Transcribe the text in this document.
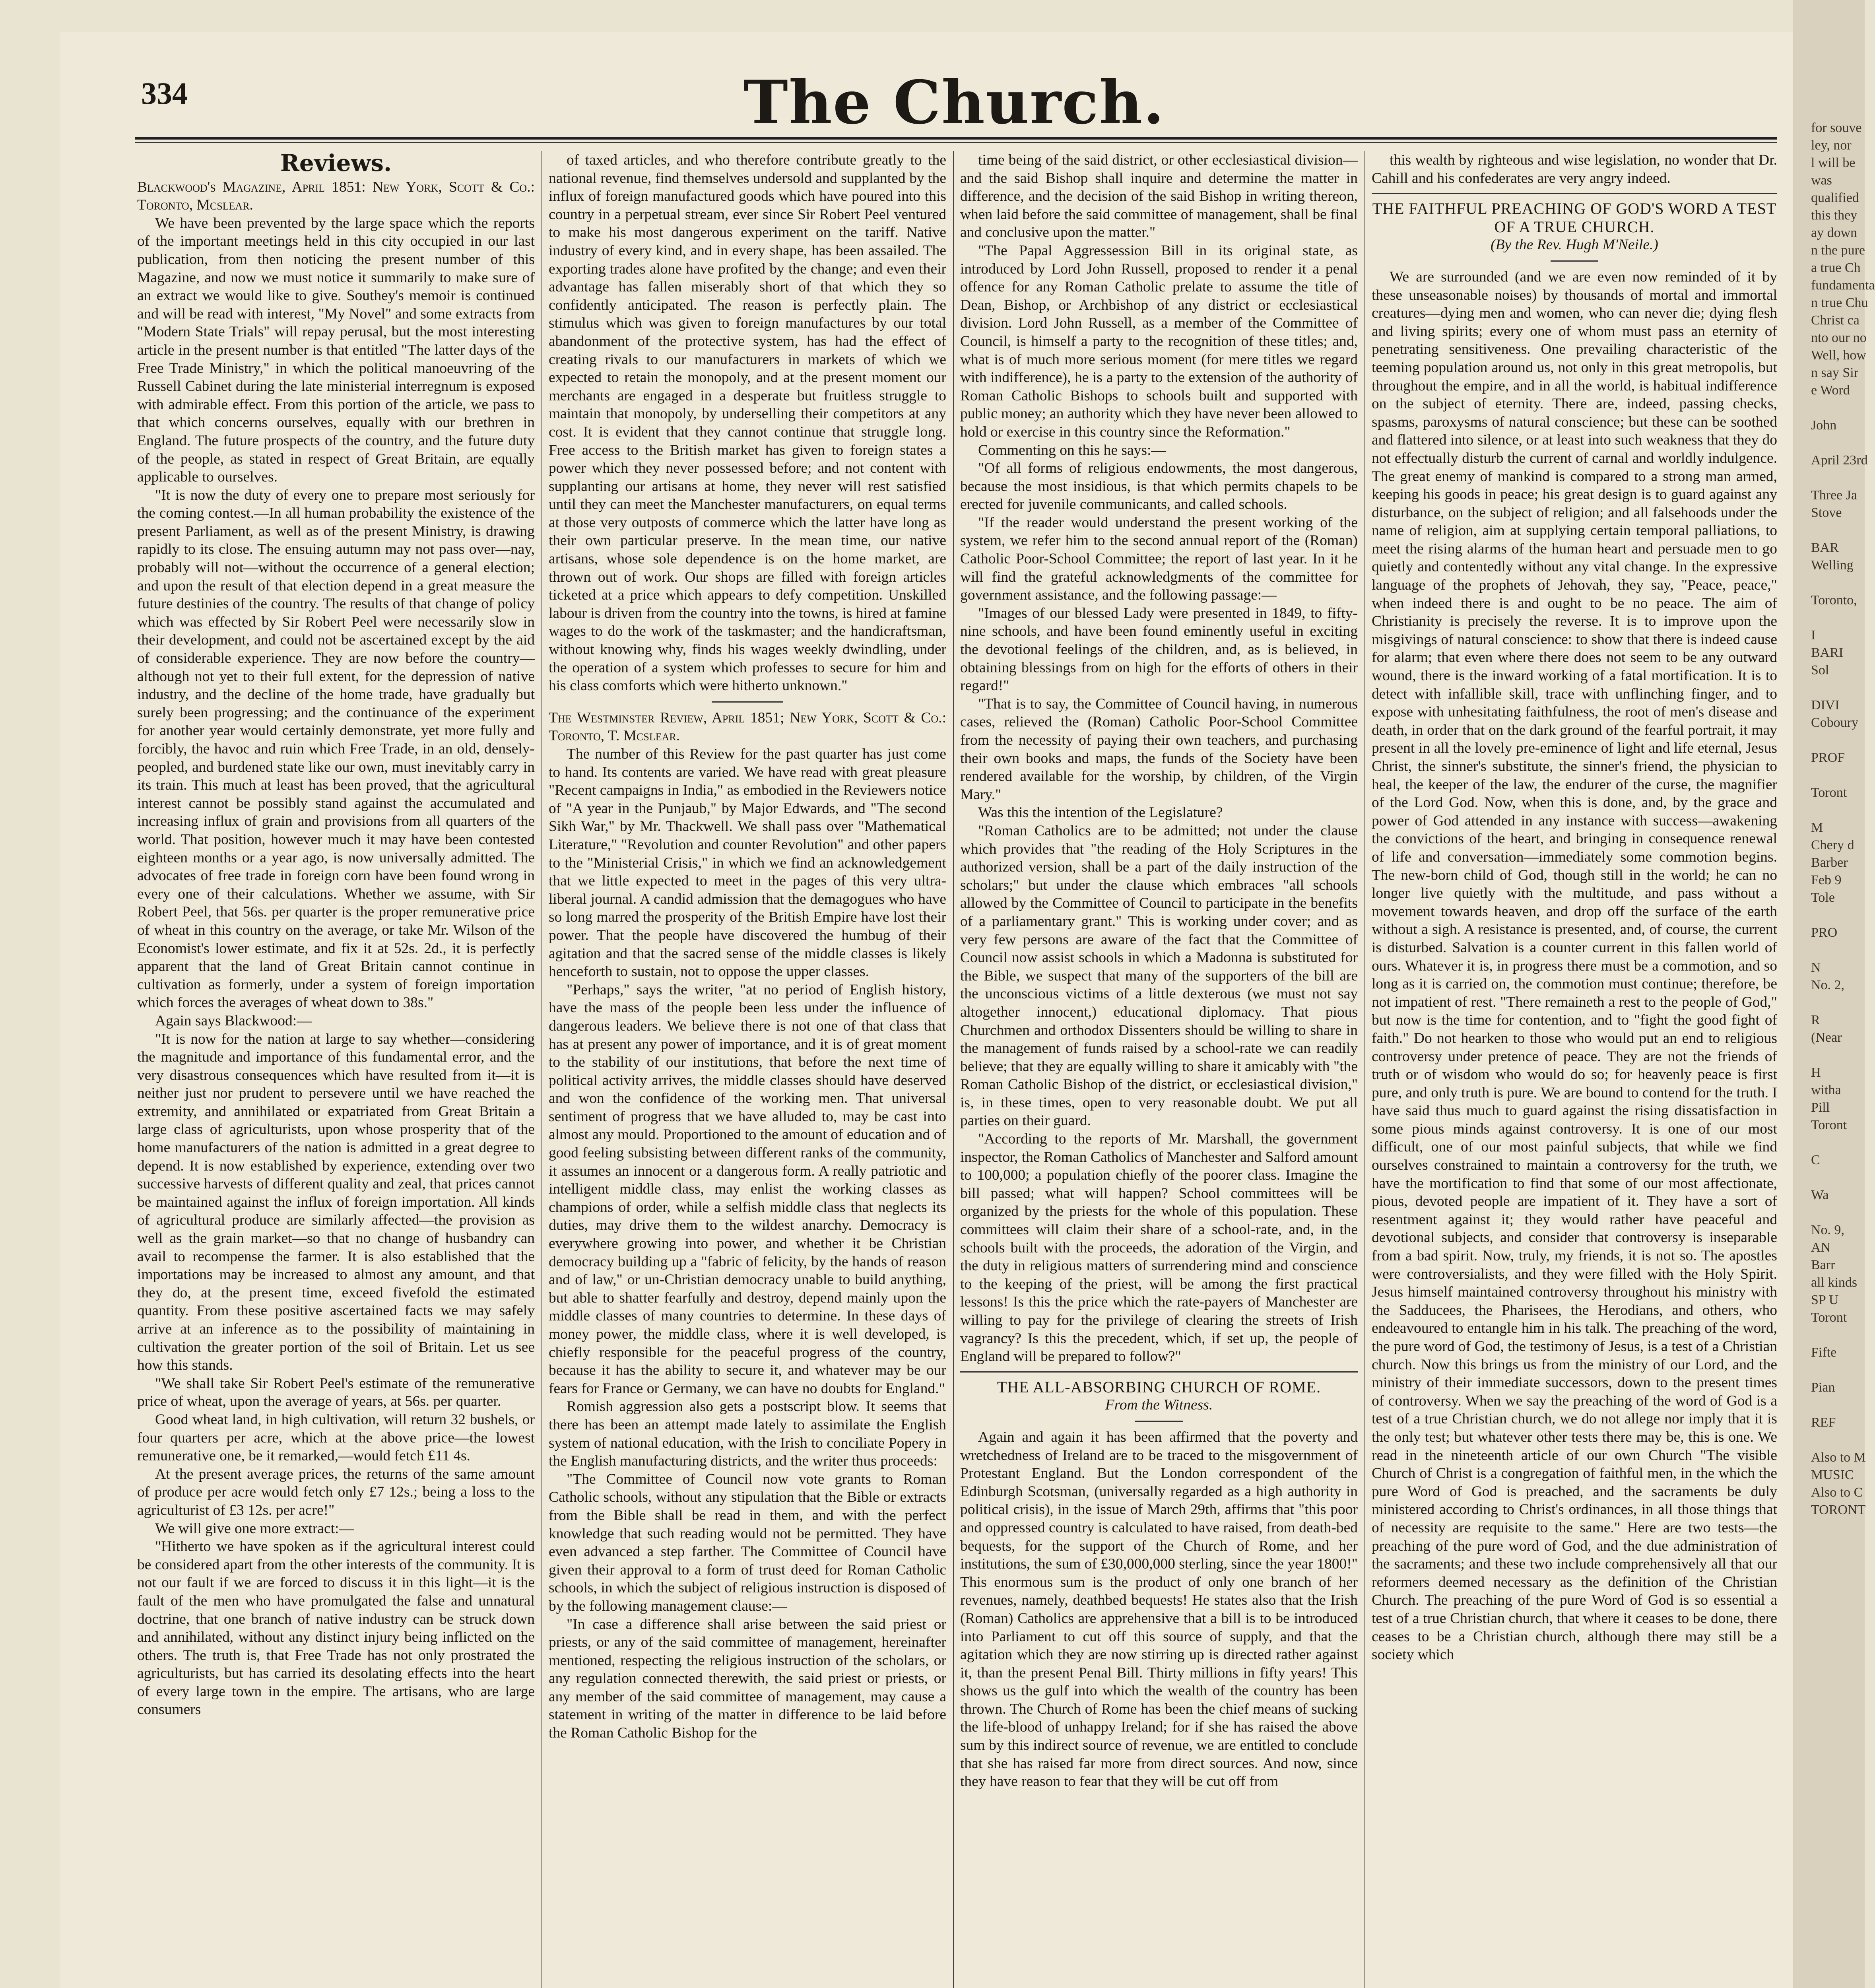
for souve
ley, nor
l will be
was
qualified
this they
ay down
n the pure
a true Ch
fundamenta
n true Chu
Christ ca
nto our no
Well, how
n say Sir
e Word

John

April 23rd

Three Ja
Stove

BAR
Welling

Toronto,

I
BARI
Sol

DIVI
Coboury

PROF

Toront

M
Chery d
Barber
Feb 9
Tole

PRO

N
No. 2,

R
(Near

H
witha
Pill
Toront

C

Wa

No. 9,
AN
Barr
all kinds
SP U
Toront

Fifte

Pian

REF

Also to M
MUSIC
Also to C
TORONT
334	The Church.
Reviews.

Blackwood's Magazine, April 1851: New York, Scott & Co.: Toronto, Mcslear.

We have been prevented by the large space which the reports of the important meetings held in this city occupied in our last publication, from then noticing the present number of this Magazine, and now we must notice it summarily to make sure of an extract we would like to give. Southey's memoir is continued and will be read with interest, "My Novel" and some extracts from "Modern State Trials" will repay perusal, but the most interesting article in the present number is that entitled "The latter days of the Free Trade Ministry," in which the political manoeuvring of the Russell Cabinet during the late ministerial interregnum is exposed with admirable effect. From this portion of the article, we pass to that which concerns ourselves, equally with our brethren in England. The future prospects of the country, and the future duty of the people, as stated in respect of Great Britain, are equally applicable to ourselves.

"It is now the duty of every one to prepare most seriously for the coming contest.—In all human probability the existence of the present Parliament, as well as of the present Ministry, is drawing rapidly to its close. The ensuing autumn may not pass over—nay, probably will not—without the occurrence of a general election; and upon the result of that election depend in a great measure the future destinies of the country. The results of that change of policy which was effected by Sir Robert Peel were necessarily slow in their development, and could not be ascertained except by the aid of considerable experience. They are now before the country—although not yet to their full extent, for the depression of native industry, and the decline of the home trade, have gradually but surely been progressing; and the continuance of the experiment for another year would certainly demonstrate, yet more fully and forcibly, the havoc and ruin which Free Trade, in an old, densely-peopled, and burdened state like our own, must inevitably carry in its train. This much at least has been proved, that the agricultural interest cannot be possibly stand against the accumulated and increasing influx of grain and provisions from all quarters of the world. That position, however much it may have been contested eighteen months or a year ago, is now universally admitted. The advocates of free trade in foreign corn have been found wrong in every one of their calculations. Whether we assume, with Sir Robert Peel, that 56s. per quarter is the proper remunerative price of wheat in this country on the average, or take Mr. Wilson of the Economist's lower estimate, and fix it at 52s. 2d., it is perfectly apparent that the land of Great Britain cannot continue in cultivation as formerly, under a system of foreign importation which forces the averages of wheat down to 38s."

Again says Blackwood:—

"It is now for the nation at large to say whether—considering the magnitude and importance of this fundamental error, and the very disastrous consequences which have resulted from it—it is neither just nor prudent to persevere until we have reached the extremity, and annihilated or expatriated from Great Britain a large class of agriculturists, upon whose prosperity that of the home manufacturers of the nation is admitted in a great degree to depend. It is now established by experience, extending over two successive harvests of different quality and zeal, that prices cannot be maintained against the influx of foreign importation. All kinds of agricultural produce are similarly affected—the provision as well as the grain market—so that no change of husbandry can avail to recompense the farmer. It is also established that the importations may be increased to almost any amount, and that they do, at the present time, exceed fivefold the estimated quantity. From these positive ascertained facts we may safely arrive at an inference as to the possibility of maintaining in cultivation the greater portion of the soil of Britain. Let us see how this stands.

"We shall take Sir Robert Peel's estimate of the remunerative price of wheat, upon the average of years, at 56s. per quarter.

Good wheat land, in high cultivation, will return 32 bushels, or four quarters per acre, which at the above price—the lowest remunerative one, be it remarked,—would fetch £11 4s.

At the present average prices, the returns of the same amount of produce per acre would fetch only £7 12s.; being a loss to the agriculturist of £3 12s. per acre!"

We will give one more extract:—

"Hitherto we have spoken as if the agricultural interest could be considered apart from the other interests of the community. It is not our fault if we are forced to discuss it in this light—it is the fault of the men who have promulgated the false and unnatural doctrine, that one branch of native industry can be struck down and annihilated, without any distinct injury being inflicted on the others. The truth is, that Free Trade has not only prostrated the agriculturists, but has carried its desolating effects into the heart of every large town in the empire. The artisans, who are large consumers

of taxed articles, and who therefore contribute greatly to the national revenue, find themselves undersold and supplanted by the influx of foreign manufactured goods which have poured into this country in a perpetual stream, ever since Sir Robert Peel ventured to make his most dangerous experiment on the tariff. Native industry of every kind, and in every shape, has been assailed. The exporting trades alone have profited by the change; and even their advantage has fallen miserably short of that which they so confidently anticipated. The reason is perfectly plain. The stimulus which was given to foreign manufactures by our total abandonment of the protective system, has had the effect of creating rivals to our manufacturers in markets of which we expected to retain the monopoly, and at the present moment our merchants are engaged in a desperate but fruitless struggle to maintain that monopoly, by underselling their competitors at any cost. It is evident that they cannot continue that struggle long. Free access to the British market has given to foreign states a power which they never possessed before; and not content with supplanting our artisans at home, they never will rest satisfied until they can meet the Manchester manufacturers, on equal terms at those very outposts of commerce which the latter have long as their own particular preserve. In the mean time, our native artisans, whose sole dependence is on the home market, are thrown out of work. Our shops are filled with foreign articles ticketed at a price which appears to defy competition. Unskilled labour is driven from the country into the towns, is hired at famine wages to do the work of the taskmaster; and the handicraftsman, without knowing why, finds his wages weekly dwindling, under the operation of a system which professes to secure for him and his class comforts which were hitherto unknown."

The Westminster Review, April 1851; New York, Scott & Co.: Toronto, T. Mcslear.

The number of this Review for the past quarter has just come to hand. Its contents are varied. We have read with great pleasure "Recent campaigns in India," as embodied in the Reviewers notice of "A year in the Punjaub," by Major Edwards, and "The second Sikh War," by Mr. Thackwell. We shall pass over "Mathematical Literature," "Revolution and counter Revolution" and other papers to the "Ministerial Crisis," in which we find an acknowledgement that we little expected to meet in the pages of this very ultra-liberal journal. A candid admission that the demagogues who have so long marred the prosperity of the British Empire have lost their power. That the people have discovered the humbug of their agitation and that the sacred sense of the middle classes is likely henceforth to sustain, not to oppose the upper classes.

"Perhaps," says the writer, "at no period of English history, have the mass of the people been less under the influence of dangerous leaders. We believe there is not one of that class that has at present any power of importance, and it is of great moment to the stability of our institutions, that before the next time of political activity arrives, the middle classes should have deserved and won the confidence of the working men. That universal sentiment of progress that we have alluded to, may be cast into almost any mould. Proportioned to the amount of education and of good feeling subsisting between different ranks of the community, it assumes an innocent or a dangerous form. A really patriotic and intelligent middle class, may enlist the working classes as champions of order, while a selfish middle class that neglects its duties, may drive them to the wildest anarchy. Democracy is everywhere growing into power, and whether it be Christian democracy building up a "fabric of felicity, by the hands of reason and of law," or un-Christian democracy unable to build anything, but able to shatter fearfully and destroy, depend mainly upon the middle classes of many countries to determine. In these days of money power, the middle class, where it is well developed, is chiefly responsible for the peaceful progress of the country, because it has the ability to secure it, and whatever may be our fears for France or Germany, we can have no doubts for England."

Romish aggression also gets a postscript blow. It seems that there has been an attempt made lately to assimilate the English system of national education, with the Irish to conciliate Popery in the English manufacturing districts, and the writer thus proceeds:

"The Committee of Council now vote grants to Roman Catholic schools, without any stipulation that the Bible or extracts from the Bible shall be read in them, and with the perfect knowledge that such reading would not be permitted. They have even advanced a step farther. The Committee of Council have given their approval to a form of trust deed for Roman Catholic schools, in which the subject of religious instruction is disposed of by the following management clause:—

"In case a difference shall arise between the said priest or priests, or any of the said committee of management, hereinafter mentioned, respecting the religious instruction of the scholars, or any regulation connected therewith, the said priest or priests, or any member of the said committee of management, may cause a statement in writing of the matter in difference to be laid before the Roman Catholic Bishop for the

time being of the said district, or other ecclesiastical division—and the said Bishop shall inquire and determine the matter in difference, and the decision of the said Bishop in writing thereon, when laid before the said committee of management, shall be final and conclusive upon the matter."

"The Papal Aggressession Bill in its original state, as introduced by Lord John Russell, proposed to render it a penal offence for any Roman Catholic prelate to assume the title of Dean, Bishop, or Archbishop of any district or ecclesiastical division. Lord John Russell, as a member of the Committee of Council, is himself a party to the recognition of these titles; and, what is of much more serious moment (for mere titles we regard with indifference), he is a party to the extension of the authority of Roman Catholic Bishops to schools built and supported with public money; an authority which they have never been allowed to hold or exercise in this country since the Reformation."

Commenting on this he says:—

"Of all forms of religious endowments, the most dangerous, because the most insidious, is that which permits chapels to be erected for juvenile communicants, and called schools.

"If the reader would understand the present working of the system, we refer him to the second annual report of the (Roman) Catholic Poor-School Committee; the report of last year. In it he will find the grateful acknowledgments of the committee for government assistance, and the following passage:—

"Images of our blessed Lady were presented in 1849, to fifty-nine schools, and have been found eminently useful in exciting the devotional feelings of the children, and, as is believed, in obtaining blessings from on high for the efforts of others in their regard!"

"That is to say, the Committee of Council having, in numerous cases, relieved the (Roman) Catholic Poor-School Committee from the necessity of paying their own teachers, and purchasing their own books and maps, the funds of the Society have been rendered available for the worship, by children, of the Virgin Mary."

Was this the intention of the Legislature?

"Roman Catholics are to be admitted; not under the clause which provides that "the reading of the Holy Scriptures in the authorized version, shall be a part of the daily instruction of the scholars;" but under the clause which embraces "all schools allowed by the Committee of Council to participate in the benefits of a parliamentary grant." This is working under cover; and as very few persons are aware of the fact that the Committee of Council now assist schools in which a Madonna is substituted for the Bible, we suspect that many of the supporters of the bill are the unconscious victims of a little dexterous (we must not say altogether innocent,) educational diplomacy. That pious Churchmen and orthodox Dissenters should be willing to share in the management of funds raised by a school-rate we can readily believe; that they are equally willing to share it amicably with "the Roman Catholic Bishop of the district, or ecclesiastical division," is, in these times, open to very reasonable doubt. We put all parties on their guard.

"According to the reports of Mr. Marshall, the government inspector, the Roman Catholics of Manchester and Salford amount to 100,000; a population chiefly of the poorer class. Imagine the bill passed; what will happen? School committees will be organized by the priests for the whole of this population. These committees will claim their share of a school-rate, and, in the schools built with the proceeds, the adoration of the Virgin, and the duty in religious matters of surrendering mind and conscience to the keeping of the priest, will be among the first practical lessons! Is this the price which the rate-payers of Manchester are willing to pay for the privilege of clearing the streets of Irish vagrancy? Is this the precedent, which, if set up, the people of England will be prepared to follow?"

THE ALL-ABSORBING CHURCH OF ROME.

From the Witness.

Again and again it has been affirmed that the poverty and wretchedness of Ireland are to be traced to the misgovernment of Protestant England. But the London correspondent of the Edinburgh Scotsman, (universally regarded as a high authority in political crisis), in the issue of March 29th, affirms that "this poor and oppressed country is calculated to have raised, from death-bed bequests, for the support of the Church of Rome, and her institutions, the sum of £30,000,000 sterling, since the year 1800!" This enormous sum is the product of only one branch of her revenues, namely, deathbed bequests! He states also that the Irish (Roman) Catholics are apprehensive that a bill is to be introduced into Parliament to cut off this source of supply, and that the agitation which they are now stirring up is directed rather against it, than the present Penal Bill. Thirty millions in fifty years! This shows us the gulf into which the wealth of the country has been thrown. The Church of Rome has been the chief means of sucking the life-blood of unhappy Ireland; for if she has raised the above sum by this indirect source of revenue, we are entitled to conclude that she has raised far more from direct sources. And now, since they have reason to fear that they will be cut off from

this wealth by righteous and wise legislation, no wonder that Dr. Cahill and his confederates are very angry indeed.

THE FAITHFUL PREACHING OF GOD'S WORD A TEST OF A TRUE CHURCH.

(By the Rev. Hugh M'Neile.)

We are surrounded (and we are even now reminded of it by these unseasonable noises) by thousands of mortal and immortal creatures—dying men and women, who can never die; dying flesh and living spirits; every one of whom must pass an eternity of penetrating sensitiveness. One prevailing characteristic of the teeming population around us, not only in this great metropolis, but throughout the empire, and in all the world, is habitual indifference on the subject of eternity. There are, indeed, passing checks, spasms, paroxysms of natural conscience; but these can be soothed and flattered into silence, or at least into such weakness that they do not effectually disturb the current of carnal and worldly indulgence. The great enemy of mankind is compared to a strong man armed, keeping his goods in peace; his great design is to guard against any disturbance, on the subject of religion; and all falsehoods under the name of religion, aim at supplying certain temporal palliations, to meet the rising alarms of the human heart and persuade men to go quietly and contentedly without any vital change. In the expressive language of the prophets of Jehovah, they say, "Peace, peace," when indeed there is and ought to be no peace. The aim of Christianity is precisely the reverse. It is to improve upon the misgivings of natural conscience: to show that there is indeed cause for alarm; that even where there does not seem to be any outward wound, there is the inward working of a fatal mortification. It is to detect with infallible skill, trace with unflinching finger, and to expose with unhesitating faithfulness, the root of men's disease and death, in order that on the dark ground of the fearful portrait, it may present in all the lovely pre-eminence of light and life eternal, Jesus Christ, the sinner's substitute, the sinner's friend, the physician to heal, the keeper of the law, the endurer of the curse, the magnifier of the Lord God. Now, when this is done, and, by the grace and power of God attended in any instance with success—awakening the convictions of the heart, and bringing in consequence renewal of life and conversation—immediately some commotion begins. The new-born child of God, though still in the world; he can no longer live quietly with the multitude, and pass without a movement towards heaven, and drop off the surface of the earth without a sigh. A resistance is presented, and, of course, the current is disturbed. Salvation is a counter current in this fallen world of ours. Whatever it is, in progress there must be a commotion, and so long as it is carried on, the commotion must continue; therefore, be not impatient of rest. "There remaineth a rest to the people of God," but now is the time for contention, and to "fight the good fight of faith." Do not hearken to those who would put an end to religious controversy under pretence of peace. They are not the friends of truth or of wisdom who would do so; for heavenly peace is first pure, and only truth is pure. We are bound to contend for the truth. I have said thus much to guard against the rising dissatisfaction in some pious minds against controversy. It is one of our most difficult, one of our most painful subjects, that while we find ourselves constrained to maintain a controversy for the truth, we have the mortification to find that some of our most affectionate, pious, devoted people are impatient of it. They have a sort of resentment against it; they would rather have peaceful and devotional subjects, and consider that controversy is inseparable from a bad spirit. Now, truly, my friends, it is not so. The apostles were controversialists, and they were filled with the Holy Spirit. Jesus himself maintained controversy throughout his ministry with the Sadducees, the Pharisees, the Herodians, and others, who endeavoured to entangle him in his talk. The preaching of the word, the pure word of God, the testimony of Jesus, is a test of a Christian church. Now this brings us from the ministry of our Lord, and the ministry of their immediate successors, down to the present times of controversy. When we say the preaching of the word of God is a test of a true Christian church, we do not allege nor imply that it is the only test; but whatever other tests there may be, this is one. We read in the nineteenth article of our own Church "The visible Church of Christ is a congregation of faithful men, in the which the pure Word of God is preached, and the sacraments be duly ministered according to Christ's ordinances, in all those things that of necessity are requisite to the same." Here are two tests—the preaching of the pure word of God, and the due administration of the sacraments; and these two include comprehensively all that our reformers deemed necessary as the definition of the Christian Church. The preaching of the pure Word of God is so essential a test of a true Christian church, that where it ceases to be done, there ceases to be a Christian church, although there may still be a society which
